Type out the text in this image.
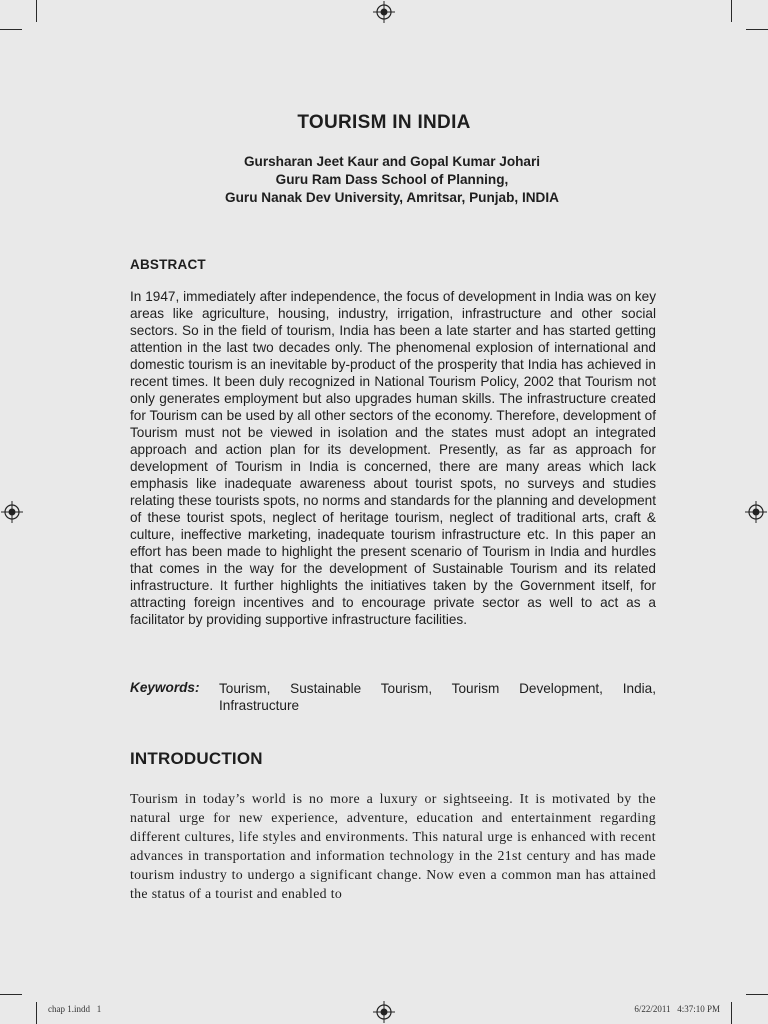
TOURISM IN INDIA
Gursharan Jeet Kaur and Gopal Kumar Johari
Guru Ram Dass School of Planning,
Guru Nanak Dev University, Amritsar, Punjab, INDIA
ABSTRACT
In 1947, immediately after independence, the focus of development in India was on key areas like agriculture, housing, industry, irrigation, infrastructure and other social sectors. So in the field of tourism, India has been a late starter and has started getting attention in the last two decades only. The phenomenal explosion of international and domestic tourism is an inevitable by-product of the prosperity that India has achieved in recent times. It been duly recognized in National Tourism Policy, 2002 that Tourism not only generates employment but also upgrades human skills. The infrastructure created for Tourism can be used by all other sectors of the economy. Therefore, development of Tourism must not be viewed in isolation and the states must adopt an integrated approach and action plan for its development. Presently, as far as approach for development of Tourism in India is concerned, there are many areas which lack emphasis like inadequate awareness about tourist spots, no surveys and studies relating these tourists spots, no norms and standards for the planning and development of these tourist spots, neglect of heritage tourism, neglect of traditional arts, craft & culture, ineffective marketing, inadequate tourism infrastructure etc. In this paper an effort has been made to highlight the present scenario of Tourism in India and hurdles that comes in the way for the development of Sustainable Tourism and its related infrastructure. It further highlights the initiatives taken by the Government itself, for attracting foreign incentives and to encourage private sector as well to act as a facilitator by providing supportive infrastructure facilities.
Keywords: Tourism, Sustainable Tourism, Tourism Development, India, Infrastructure
INTRODUCTION
Tourism in today’s world is no more a luxury or sightseeing. It is motivated by the natural urge for new experience, adventure, education and entertainment regarding different cultures, life styles and environments. This natural urge is enhanced with recent advances in transportation and information technology in the 21st century and has made tourism industry to undergo a significant change. Now even a common man has attained the status of a tourist and enabled to
chap 1.indd   1	6/22/2011   4:37:10 PM
